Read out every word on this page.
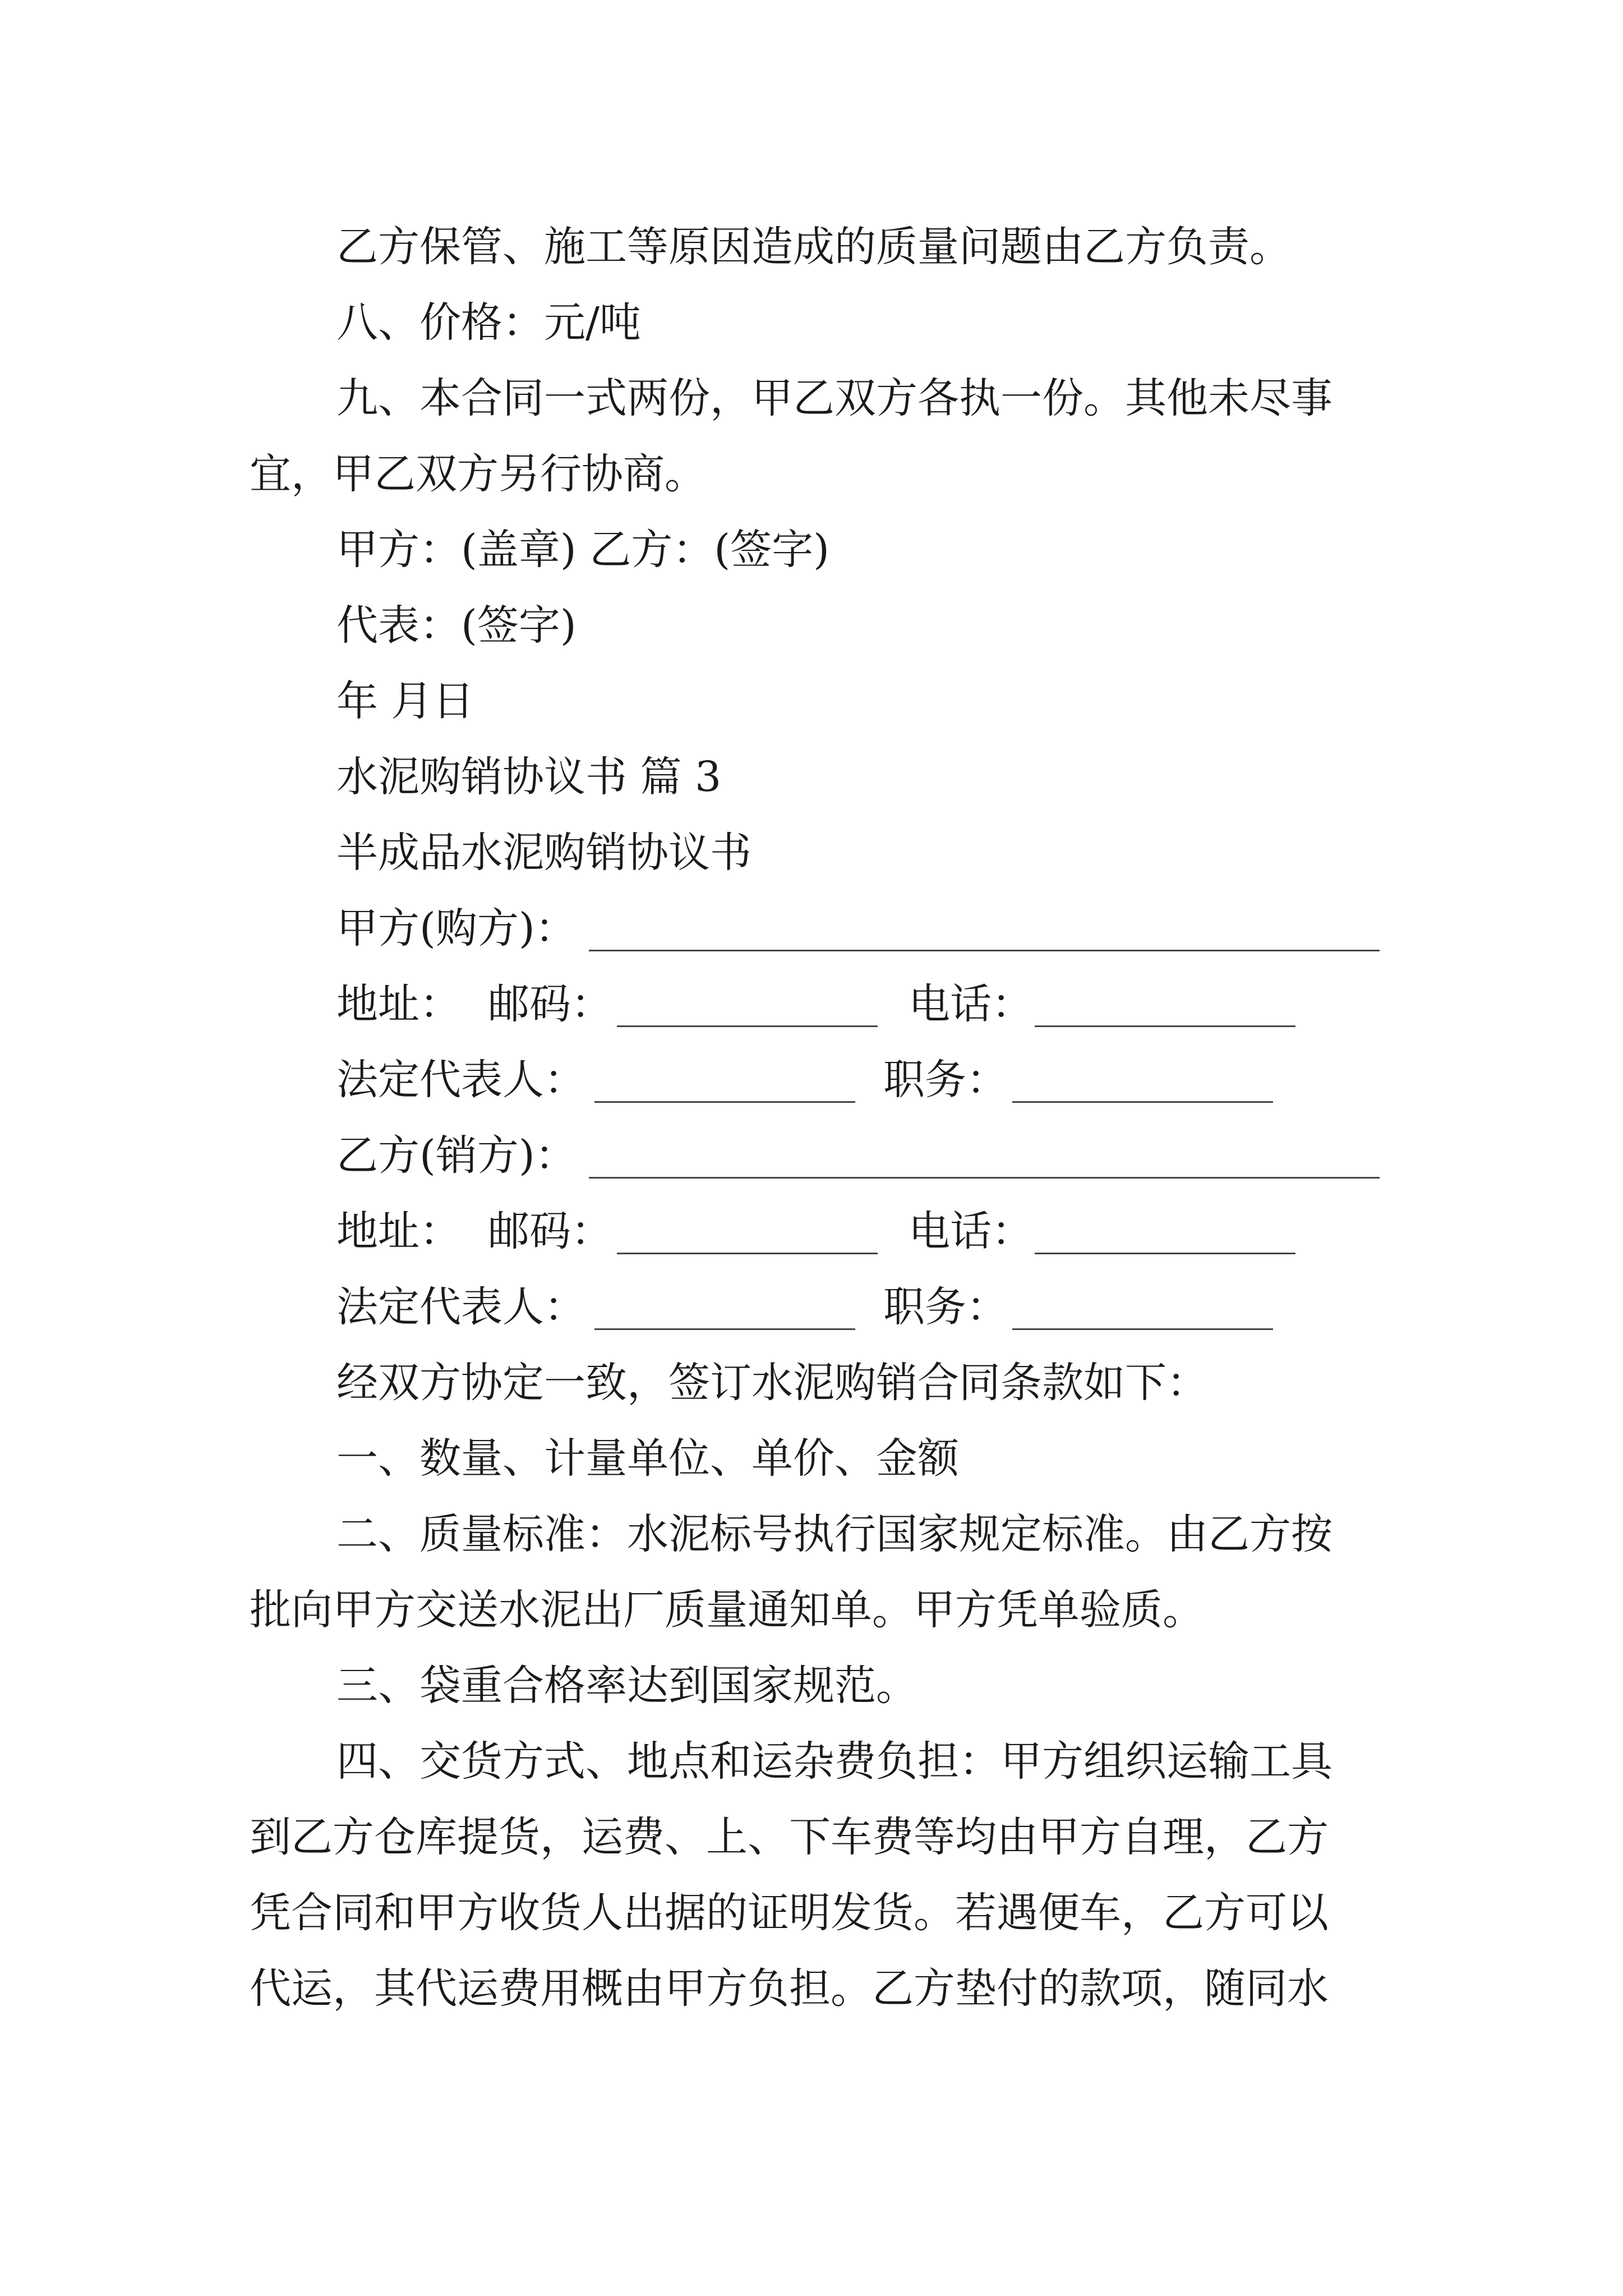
乙方保管、施工等原因造成的质量问题由乙方负责。
八、价格：元/吨
九、本合同一式两份，甲乙双方各执一份。其他未尽事
宜，甲乙双方另行协商。
甲方：(盖章) 乙方：(签字)
代表：(签字)
年 月日
水泥购销协议书 篇 3
半成品水泥购销协议书
甲方(购方)：
地址： 邮码：	电话：
法定代表人：	职务：
乙方(销方)：
地址： 邮码：	电话：
法定代表人：	职务：
经双方协定一致，签订水泥购销合同条款如下：
一、数量、计量单位、单价、金额
二、质量标准：水泥标号执行国家规定标准。由乙方按
批向甲方交送水泥出厂质量通知单。甲方凭单验质。
三、袋重合格率达到国家规范。
四、交货方式、地点和运杂费负担：甲方组织运输工具
到乙方仓库提货，运费、上、下车费等均由甲方自理，乙方
凭合同和甲方收货人出据的证明发货。若遇便车，乙方可以
代运，其代运费用概由甲方负担。乙方垫付的款项，随同水
